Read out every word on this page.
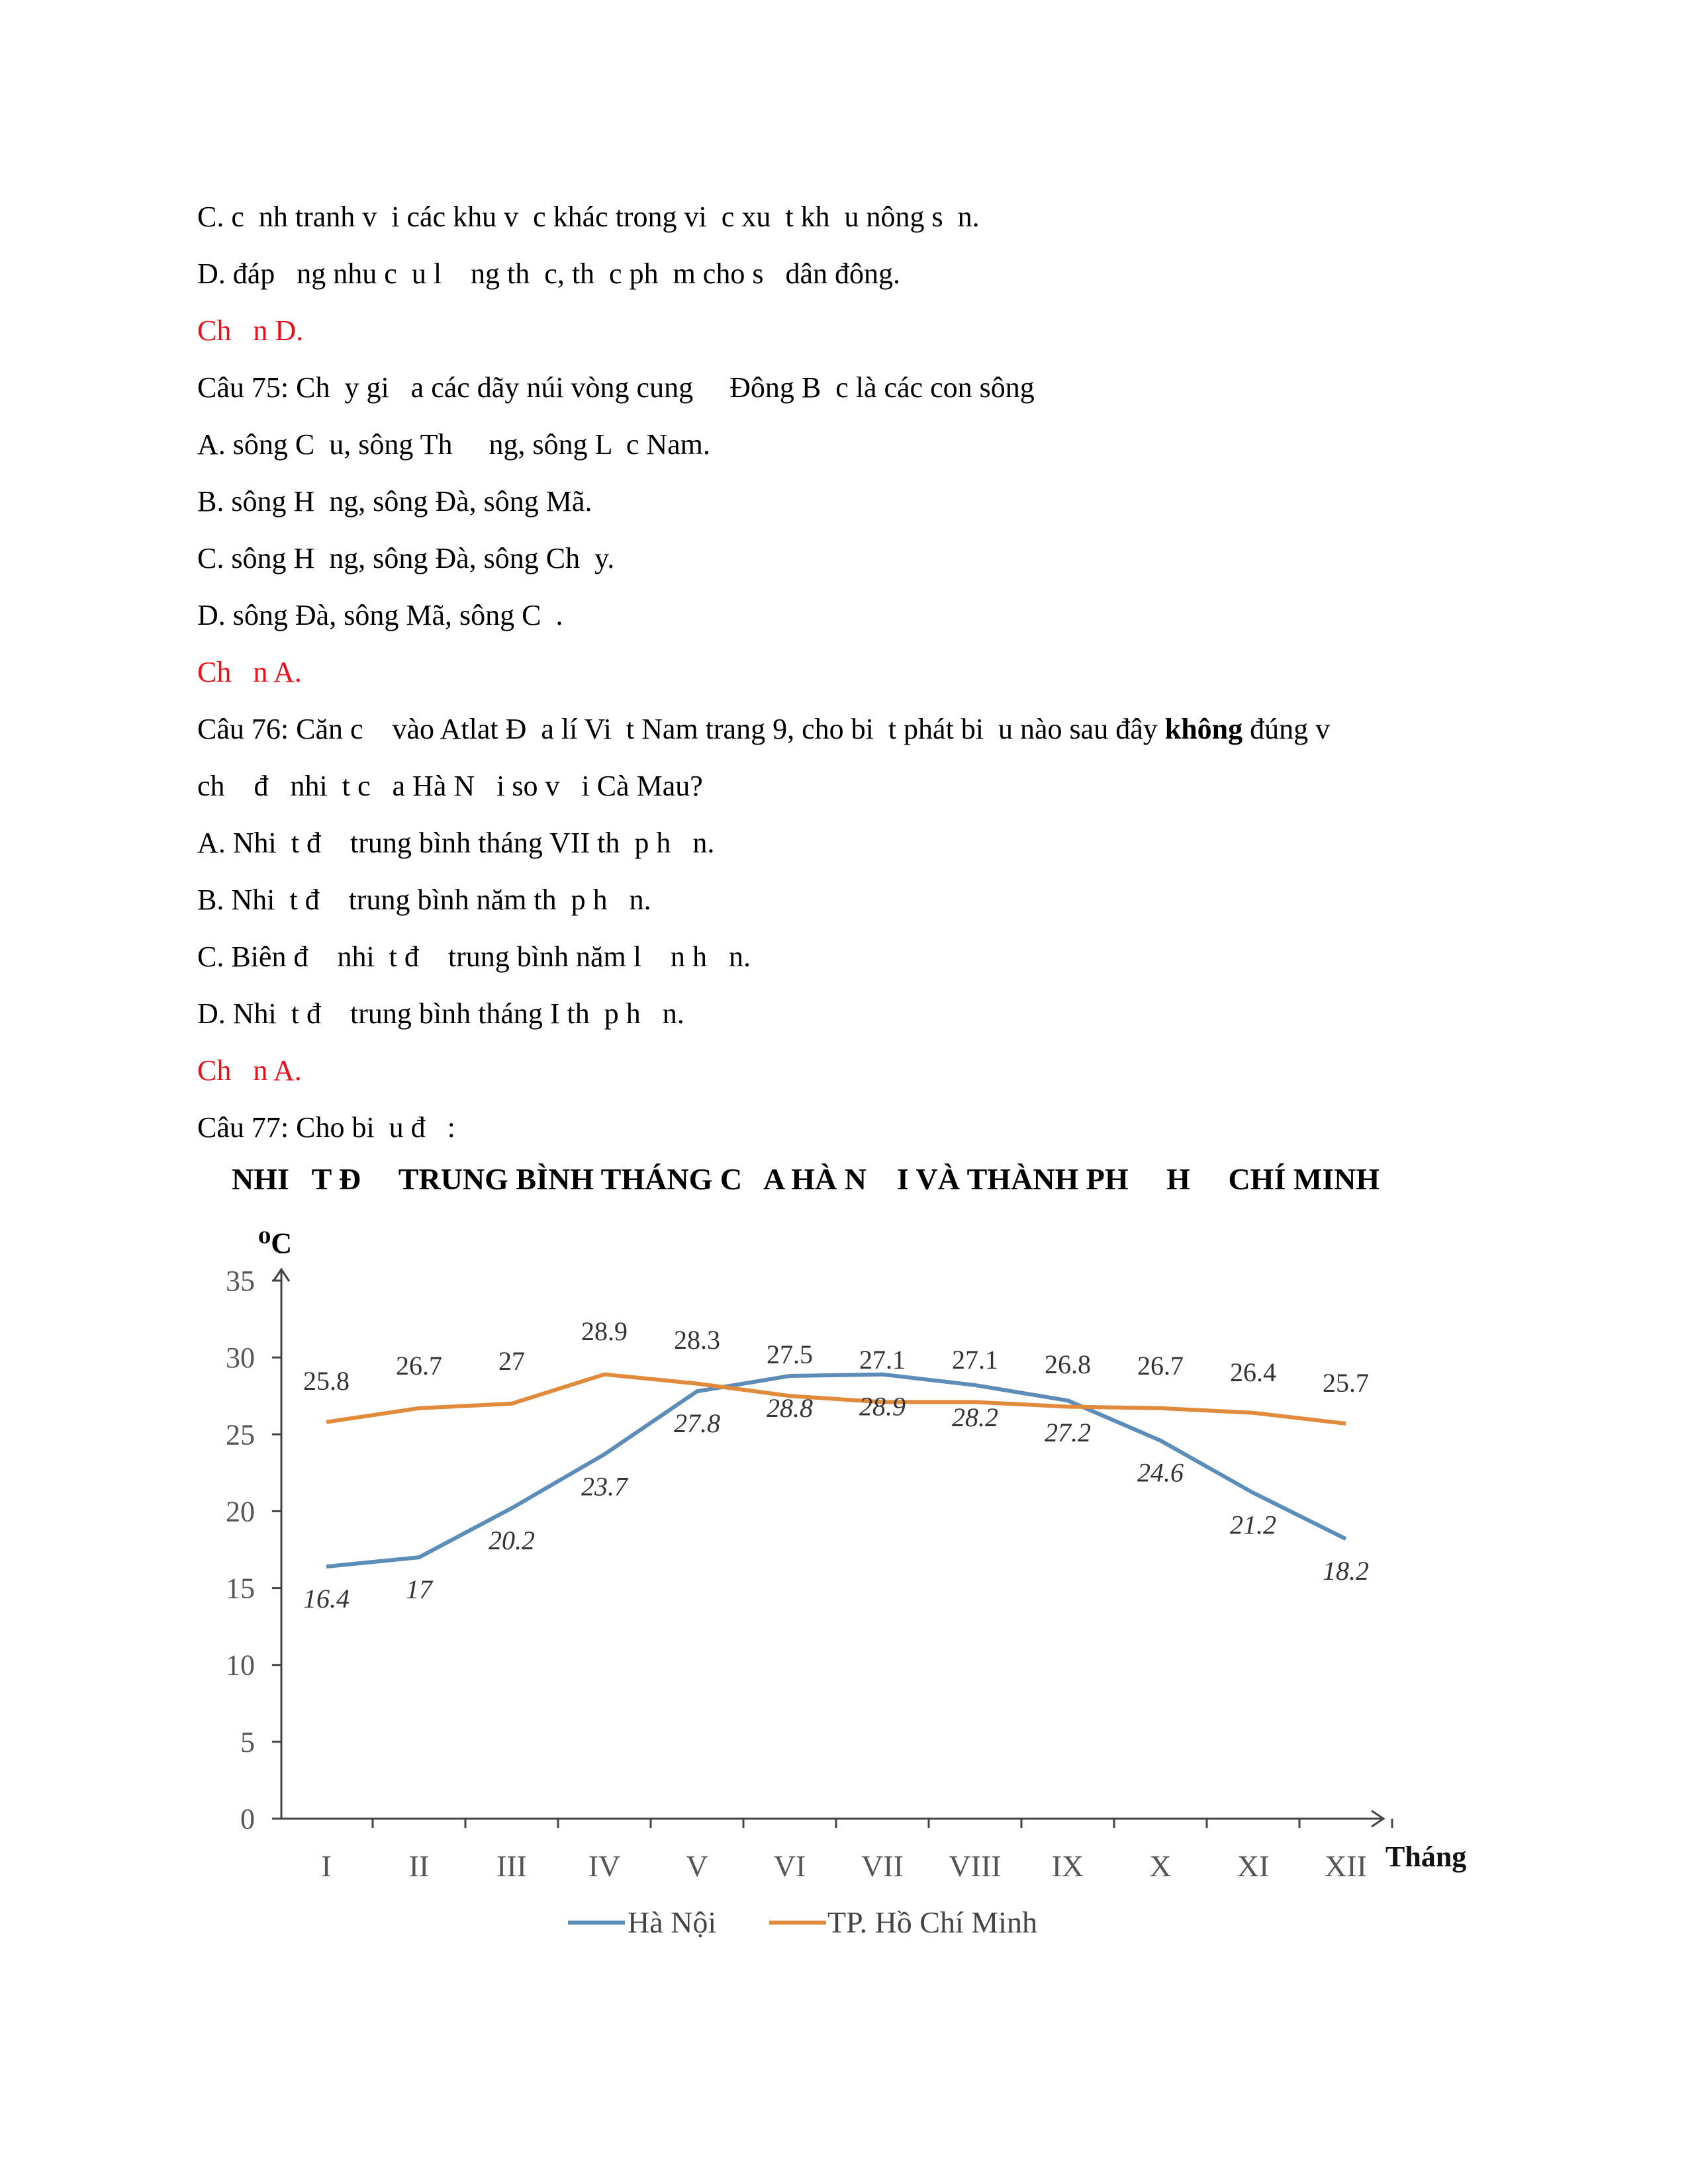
C. c  nh tranh v  i các khu v  c khác trong vi  c xu  t kh  u nông s  n.

D. đáp   ng nhu c  u l    ng th  c, th  c ph  m cho s   dân đông.

Ch   n D.

Câu 75: Ch  y gi   a các dãy núi vòng cung     Đông B  c là các con sông

A. sông C  u, sông Th     ng, sông L  c Nam.

B. sông H  ng, sông Đà, sông Mã.

C. sông H  ng, sông Đà, sông Ch  y.

D. sông Đà, sông Mã, sông C  .

Ch   n A.

Câu 76: Căn c    vào Atlat Đ  a lí Vi  t Nam trang 9, cho bi  t phát bi  u nào sau đây không đúng v

ch    đ   nhi  t c   a Hà N   i so v   i Cà Mau?

A. Nhi  t đ    trung bình tháng VII th  p h   n.

B. Nhi  t đ    trung bình năm th  p h   n.

C. Biên đ    nhi  t đ    trung bình năm l    n h   n.

D. Nhi  t đ    trung bình tháng I th  p h   n.

Ch   n A.

Câu 77: Cho bi  u đ   :

NHI   T Đ     TRUNG BÌNH THÁNG C   A HÀ N    I VÀ THÀNH PH     H     CHÍ MINH
0
5
10
15
20
25
30
35
I	II III IV V VI VII VIII IX X XI XII
⁰C
Tháng
16.4 17
20.2
23.7
27.8
28.8 28.9 28.2
27.2
24.6
21.2
18.2
25.8
26.7 27
28.9 28.3 27.5 27.1 27.1 26.8 26.7 26.4 25.7
Hà Nội	TP. Hồ Chí Minh
